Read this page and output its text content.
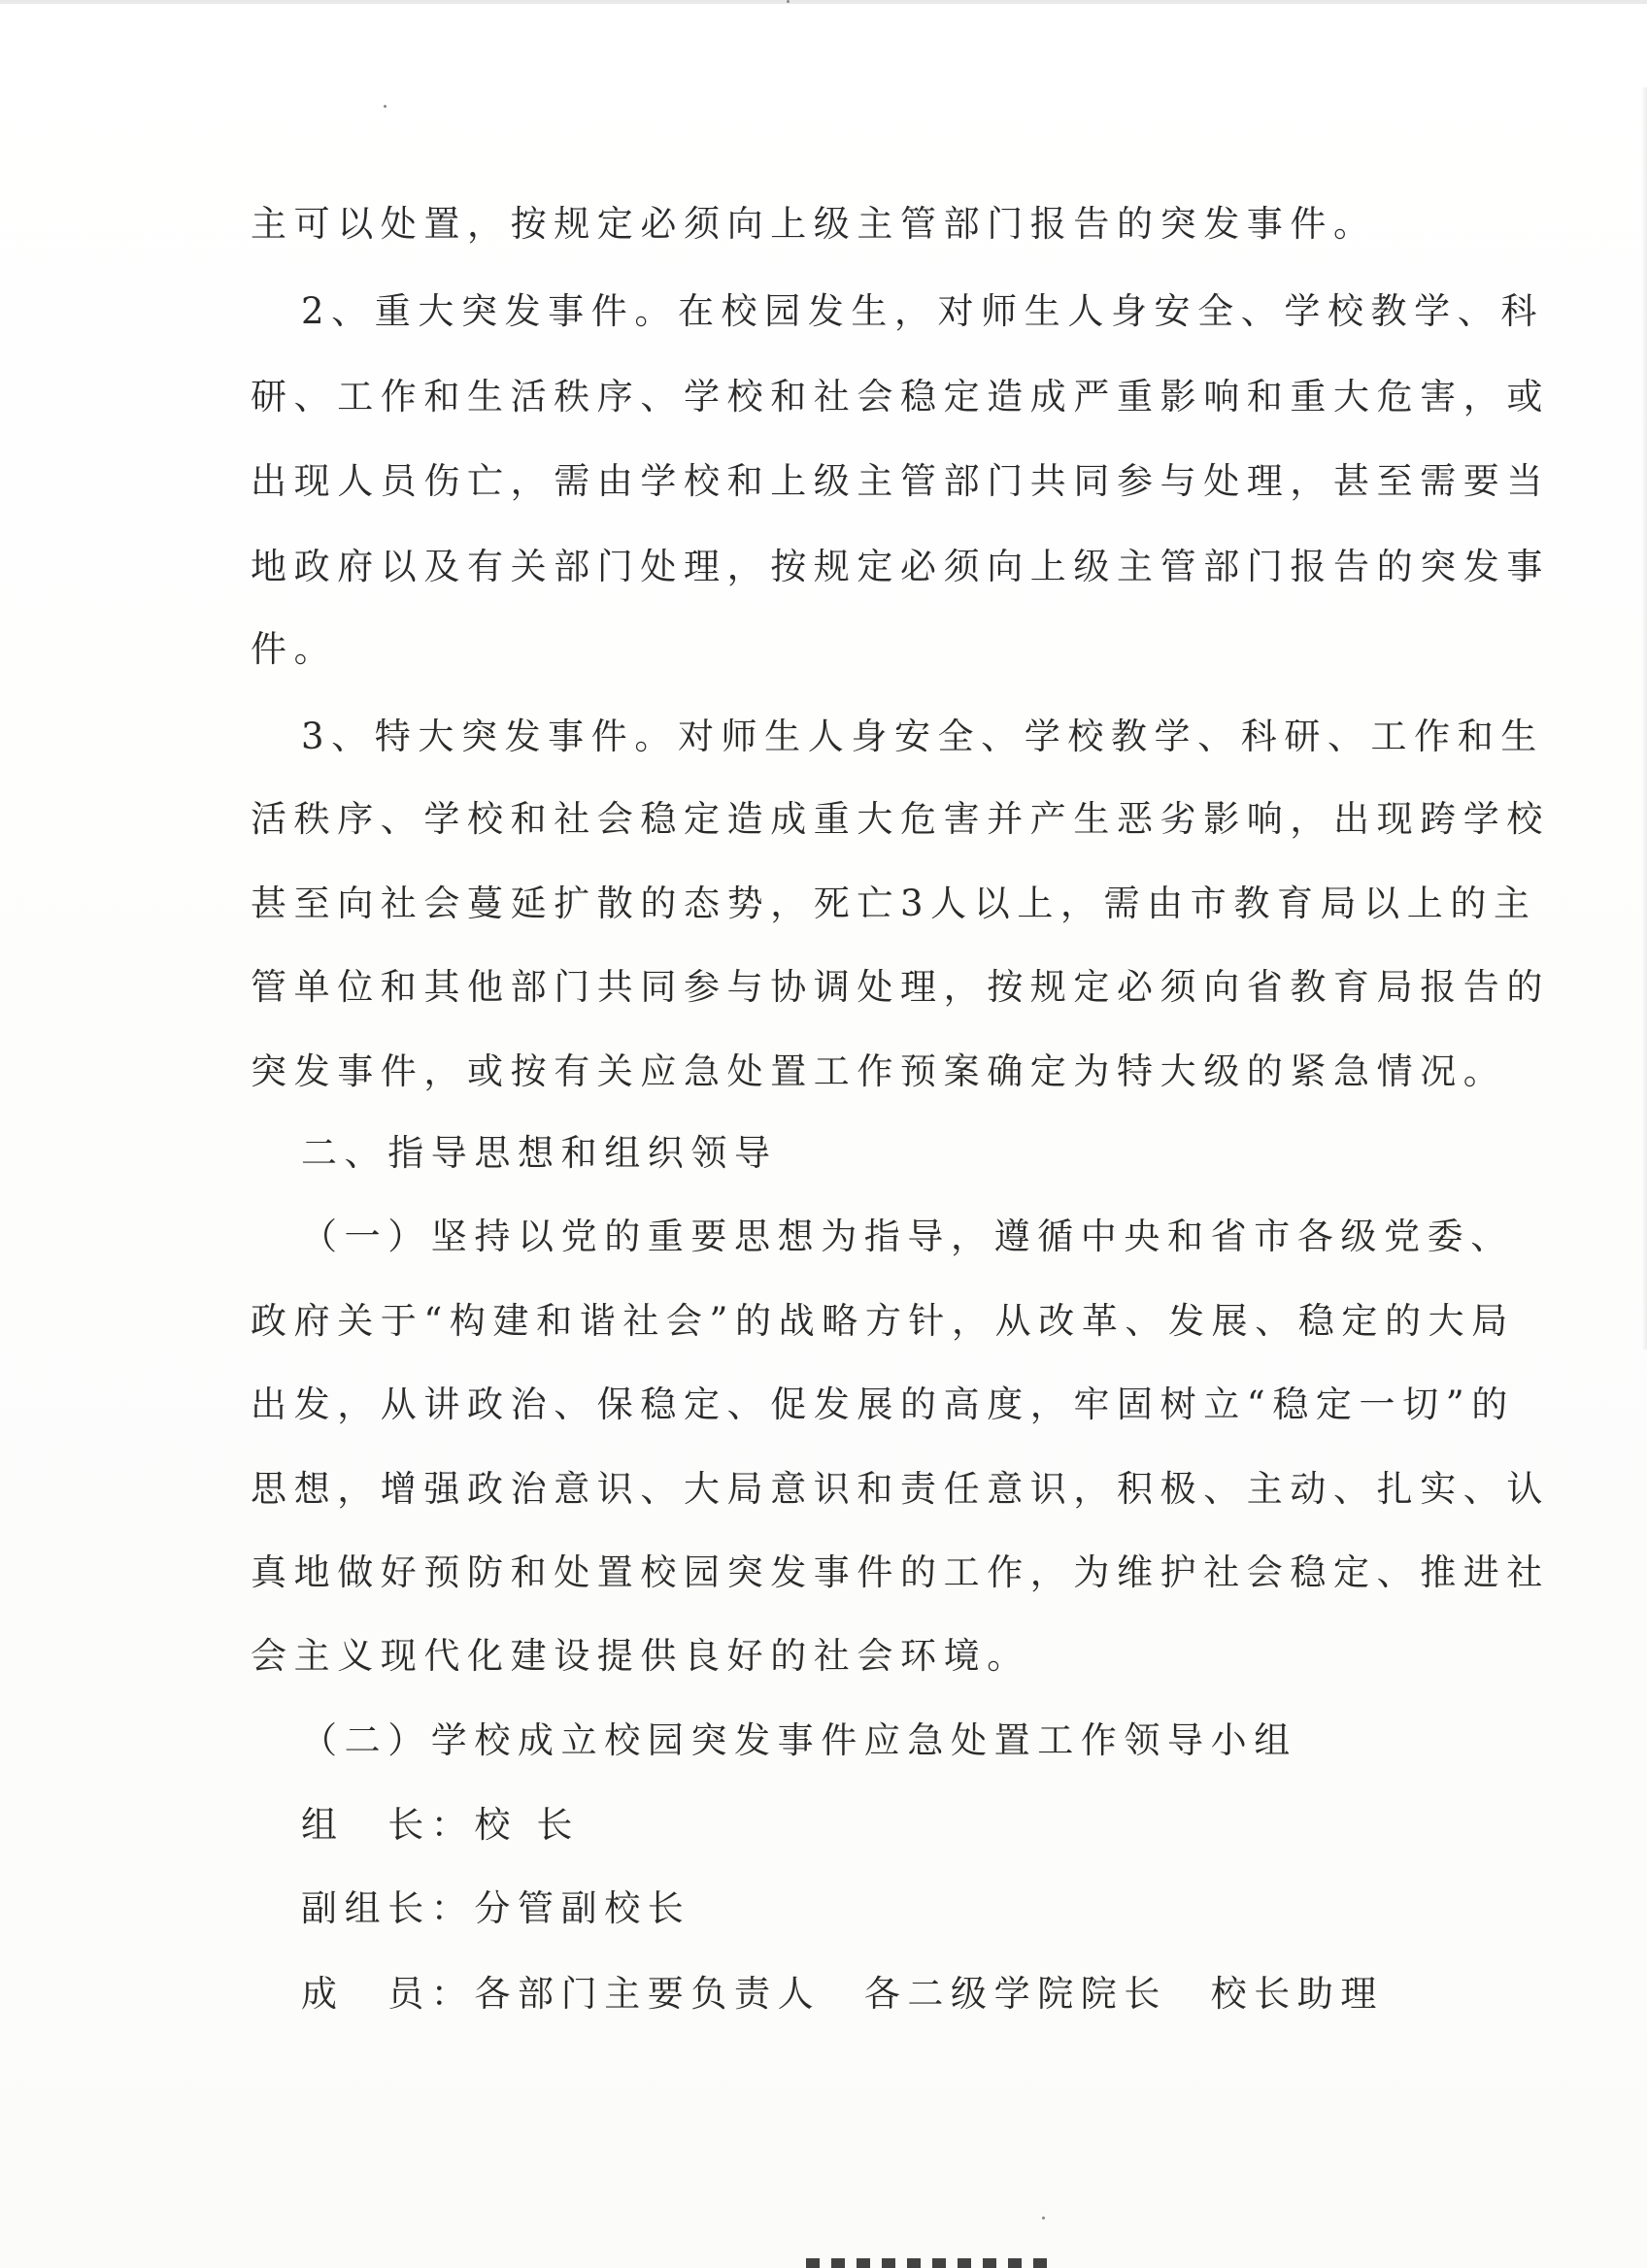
主可以处置，按规定必须向上级主管部门报告的突发事件。
2、重大突发事件。在校园发生，对师生人身安全、学校教学、科
研、工作和生活秩序、学校和社会稳定造成严重影响和重大危害，或
出现人员伤亡，需由学校和上级主管部门共同参与处理，甚至需要当
地政府以及有关部门处理，按规定必须向上级主管部门报告的突发事
件。
3、特大突发事件。对师生人身安全、学校教学、科研、工作和生
活秩序、学校和社会稳定造成重大危害并产生恶劣影响，出现跨学校
甚至向社会蔓延扩散的态势，死亡3人以上，需由市教育局以上的主
管单位和其他部门共同参与协调处理，按规定必须向省教育局报告的
突发事件，或按有关应急处置工作预案确定为特大级的紧急情况。
二、指导思想和组织领导
（一）坚持以党的重要思想为指导，遵循中央和省市各级党委、
政府关于“构建和谐社会”的战略方针，从改革、发展、稳定的大局
出发，从讲政治、保稳定、促发展的高度，牢固树立“稳定一切”的
思想，增强政治意识、大局意识和责任意识，积极、主动、扎实、认
真地做好预防和处置校园突发事件的工作，为维护社会稳定、推进社
会主义现代化建设提供良好的社会环境。
（二）学校成立校园突发事件应急处置工作领导小组
组　长：校 长
副组长：分管副校长
成　员：各部门主要负责人　各二级学院院长　校长助理
